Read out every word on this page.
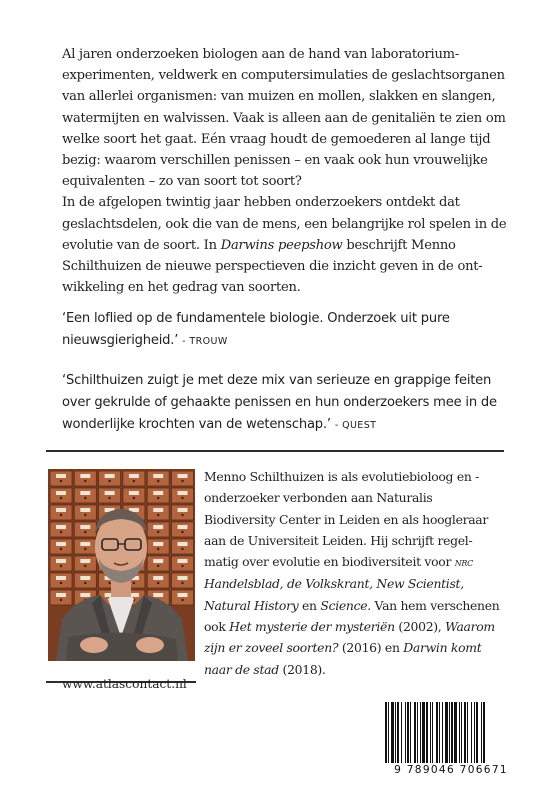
Al jaren onderzoeken biologen aan de hand van laboratorium-experimenten, veldwerk en computersimulaties de geslachtsorganen van allerlei organismen: van muizen en mollen, slakken en slangen, watermijten en walvissen. Vaak is alleen aan de genitaliën te zien om welke soort het gaat. Eén vraag houdt de gemoederen al lange tijd bezig: waarom verschillen penissen – en vaak ook hun vrouwelijke equivalenten – zo van soort tot soort?

In de afgelopen twintig jaar hebben onderzoekers ontdekt dat geslachtsdelen, ook die van de mens, een belangrijke rol spelen in de evolutie van de soort. In Darwins peepshow beschrijft Menno Schilthuizen de nieuwe perspectieven die inzicht geven in de ont-wikkeling en het gedrag van soorten.

‘Een loflied op de fundamentele biologie. Onderzoek uit pure nieuwsgierigheid.’ - TROUW

‘Schilthuizen zuigt je met deze mix van serieuze en grappige feiten over gekrulde of gehaakte penissen en hun onderzoekers mee in de wonderlijke krochten van de wetenschap.’ - QUEST

Menno Schilthuizen is als evolutiebioloog en -onderzoeker verbonden aan Naturalis Biodiversity Center in Leiden en als hoogleraar aan de Universiteit Leiden. Hij schrijft regel-matig over evolutie en biodiversiteit voor nrc Handelsblad, de Volkskrant, New Scientist, Natural History en Science. Van hem verschenen ook Het mysterie der mysteriën (2002), Waarom zijn er zoveel soorten? (2016) en Darwin komt naar de stad (2018).

www.atlascontact.nl
9 789046 706671
